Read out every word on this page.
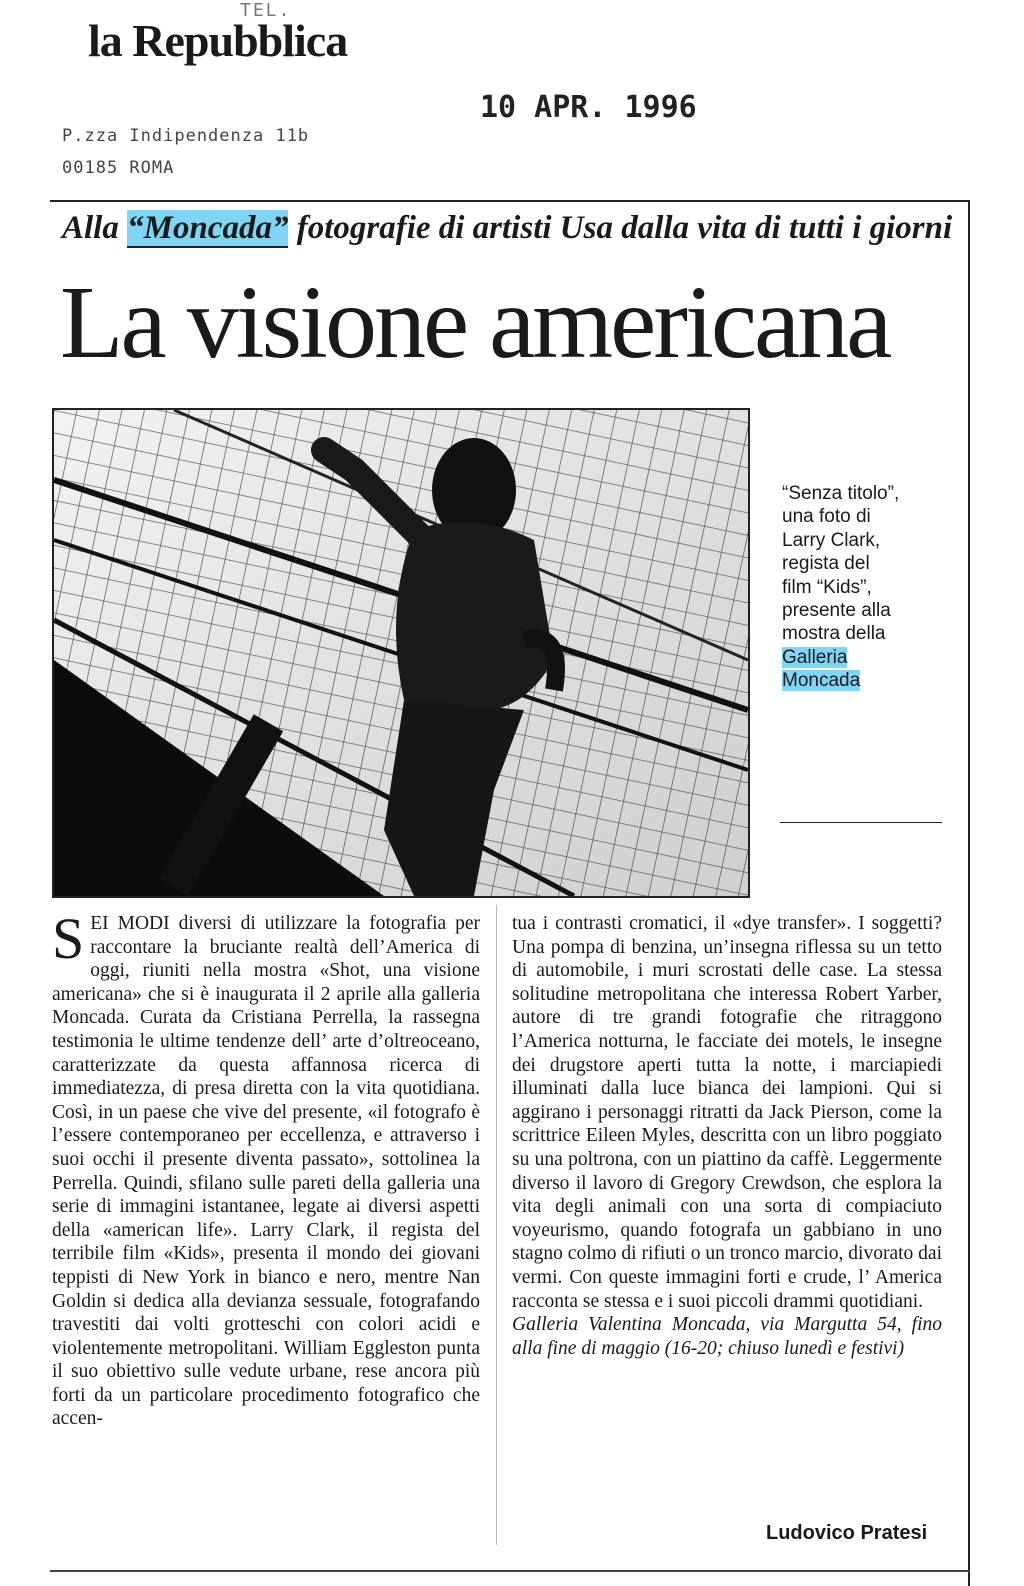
TEL.
la Repubblica
P.zza Indipendenza 11b
00185 ROMA
10 APR. 1996
Alla “Moncada” fotografie di artisti Usa dalla vita di tutti i giorni
La visione americana
“Senza titolo”, una foto di Larry Clark, regista del film “Kids”, presente alla mostra della Galleria Moncada
SEI MODI diversi di utilizzare la fotografia per raccontare la bruciante realtà dell’America di oggi, riuniti nella mostra «Shot, una visione americana» che si è inaugurata il 2 aprile alla galleria Moncada. Curata da Cristiana Perrella, la rassegna testimonia le ultime tendenze dell’ arte d’oltreoceano, caratterizzate da questa affannosa ricerca di immediatezza, di presa diretta con la vita quotidiana. Così, in un paese che vive del presente, «il fotografo è l’essere contemporaneo per eccellenza, e attraverso i suoi occhi il presente diventa passato», sottolinea la Perrella. Quindi, sfilano sulle pareti della galleria una serie di immagini istantanee, legate ai diversi aspetti della «american life». Larry Clark, il regista del terribile film «Kids», presenta il mondo dei giovani teppisti di New York in bianco e nero, mentre Nan Goldin si dedica alla devianza sessuale, fotografando travestiti dai volti grotteschi con colori acidi e violentemente metropolitani. William Eggleston punta il suo obiettivo sulle vedute urbane, rese ancora più forti da un particolare procedimento fotografico che accen-
tua i contrasti cromatici, il «dye transfer». I soggetti? Una pompa di benzina, un’insegna riflessa su un tetto di automobile, i muri scrostati delle case. La stessa solitudine metropolitana che interessa Robert Yarber, autore di tre grandi fotografie che ritraggono l’America notturna, le facciate dei motels, le insegne dei drugstore aperti tutta la notte, i marciapiedi illuminati dalla luce bianca dei lampioni. Qui si aggirano i personaggi ritratti da Jack Pierson, come la scrittrice Eileen Myles, descritta con un libro poggiato su una poltrona, con un piattino da caffè. Leggermente diverso il lavoro di Gregory Crewdson, che esplora la vita degli animali con una sorta di compiaciuto voyeurismo, quando fotografa un gabbiano in uno stagno colmo di rifiuti o un tronco marcio, divorato dai vermi. Con queste immagini forti e crude, l’ America racconta se stessa e i suoi piccoli drammi quotidiani.
Galleria Valentina Moncada, via Margutta 54, fino alla fine di maggio (16-20; chiuso lunedì e festivi)
Ludovico Pratesi
